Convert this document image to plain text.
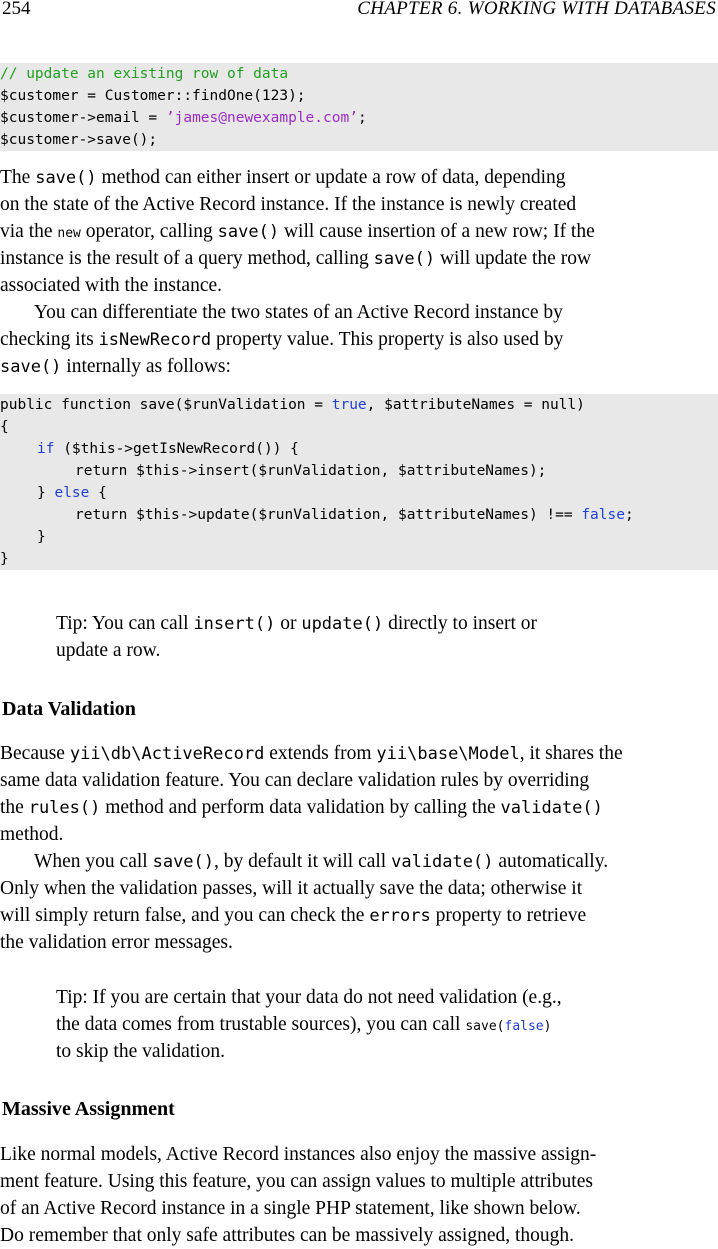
254	CHAPTER 6. WORKING WITH DATABASES

// update an existing row of data

$customer = Customer::findOne(123);

$customer->email = ’james@newexample.com’;

$customer->save();

The save() method can either insert or update a row of data, depending
on the state of the Active Record instance. If the instance is newly created
via the new operator, calling save() will cause insertion of a new row; If the
instance is the result of a query method, calling save() will update the row
associated with the instance.
You can differentiate the two states of an Active Record instance by
checking its isNewRecord property value. This property is also used by
save() internally as follows:

public function save($runValidation = true, $attributeNames = null)

{

if ($this->getIsNewRecord()) {

return $this->insert($runValidation, $attributeNames);

} else {

return $this->update($runValidation, $attributeNames) !== false;

}

}

Tip: You can call insert() or update() directly to insert or
update a row.
Data Validation
Because yii\db\ActiveRecord extends from yii\base\Model, it shares the
same data validation feature. You can declare validation rules by overriding
the rules() method and perform data validation by calling the validate()
method.
When you call save(), by default it will call validate() automatically.
Only when the validation passes, will it actually save the data; otherwise it
will simply return false, and you can check the errors property to retrieve
the validation error messages.
Tip: If you are certain that your data do not need validation (e.g.,
the data comes from trustable sources), you can call save(false)
to skip the validation.
Massive Assignment
Like normal models, Active Record instances also enjoy the massive assign-
ment feature. Using this feature, you can assign values to multiple attributes
of an Active Record instance in a single PHP statement, like shown below.
Do remember that only safe attributes can be massively assigned, though.
